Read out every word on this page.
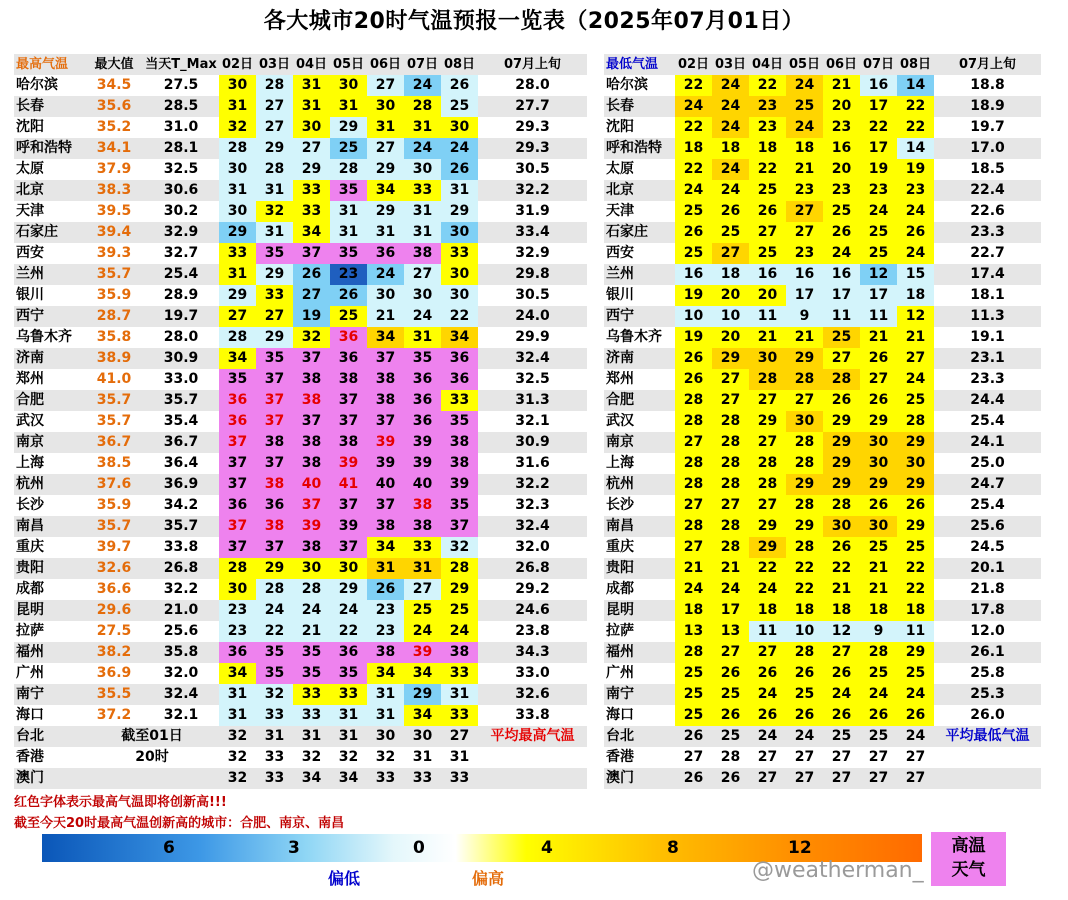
各大城市20时气温预报一览表（2025年07月01日）
最高气温	最大值	当天T_Max	02日	03日	04日	05日	06日	07日	08日	07月上旬
哈尔滨	34.5	27.5	30	28	31	30	27	24	26	28.0
长春	35.6	28.5	31	27	31	31	30	28	25	27.7
沈阳	35.2	31.0	32	27	30	29	31	31	30	29.3
呼和浩特	34.1	28.1	28	29	27	25	27	24	24	29.3
太原	37.9	32.5	30	28	29	28	29	30	26	30.5
北京	38.3	30.6	31	31	33	35	34	33	31	32.2
天津	39.5	30.2	30	32	33	31	29	31	29	31.9
石家庄	39.4	32.9	29	31	34	31	31	31	30	33.4
西安	39.3	32.7	33	35	37	35	36	38	33	32.9
兰州	35.7	25.4	31	29	26	23	24	27	30	29.8
银川	35.9	28.9	29	33	27	26	30	30	30	30.5
西宁	28.7	19.7	27	27	19	25	21	24	22	24.0
乌鲁木齐	35.8	28.0	28	29	32	36	34	31	34	29.9
济南	38.9	30.9	34	35	37	36	37	35	36	32.4
郑州	41.0	33.0	35	37	38	38	38	36	36	32.5
合肥	35.7	35.7	36	37	38	37	38	36	33	31.3
武汉	35.7	35.4	36	37	37	37	37	36	35	32.1
南京	36.7	36.7	37	38	38	38	39	39	38	30.9
上海	38.5	36.4	37	37	38	39	39	39	38	31.6
杭州	37.6	36.9	37	38	40	41	40	40	39	32.2
长沙	35.9	34.2	36	36	37	37	37	38	35	32.3
南昌	35.7	35.7	37	38	39	39	38	38	37	32.4
重庆	39.7	33.8	37	37	38	37	34	33	32	32.0
贵阳	32.6	26.8	28	29	30	30	31	31	28	26.8
成都	36.6	32.2	30	28	28	29	26	27	29	29.2
昆明	29.6	21.0	23	24	24	24	23	25	25	24.6
拉萨	27.5	25.6	23	22	21	22	23	24	24	23.8
福州	38.2	35.8	36	35	35	36	38	39	38	34.3
广州	36.9	32.0	34	35	35	35	34	34	33	33.0
南宁	35.5	32.4	31	32	33	33	31	29	31	32.6
海口	37.2	32.1	31	33	33	31	31	34	33	33.8
台北	截至01日		32	31	31	31	30	30	27	平均最高气温
香港	20时		32	33	32	32	32	31	31	
澳门			32	33	34	34	33	33	33	
最低气温	02日	03日	04日	05日	06日	07日	08日	07月上旬
哈尔滨	22	24	22	24	21	16	14	18.8
长春	24	24	23	25	20	17	22	18.9
沈阳	22	24	23	24	23	22	22	19.7
呼和浩特	18	18	18	18	16	17	14	17.0
太原	22	24	22	21	20	19	19	18.5
北京	24	24	25	23	23	23	23	22.4
天津	25	26	26	27	25	24	24	22.6
石家庄	26	25	27	27	26	25	26	23.3
西安	25	27	25	23	24	25	24	22.7
兰州	16	18	16	16	16	12	15	17.4
银川	19	20	20	17	17	17	18	18.1
西宁	10	10	11	9	11	11	12	11.3
乌鲁木齐	19	20	21	21	25	21	21	19.1
济南	26	29	30	29	27	26	27	23.1
郑州	26	27	28	28	28	27	24	23.3
合肥	28	27	27	27	26	26	25	24.4
武汉	28	28	29	30	29	29	28	25.4
南京	27	28	27	28	29	30	29	24.1
上海	28	28	28	28	29	30	30	25.0
杭州	28	28	28	29	29	29	29	24.7
长沙	27	27	27	28	28	26	26	25.4
南昌	28	28	29	29	30	30	29	25.6
重庆	27	28	29	28	26	25	25	24.5
贵阳	21	21	22	22	22	21	22	20.1
成都	24	24	24	22	21	21	22	21.8
昆明	18	17	18	18	18	18	18	17.8
拉萨	13	13	11	10	12	9	11	12.0
福州	28	27	27	28	27	28	29	26.1
广州	25	26	26	26	26	25	25	25.8
南宁	25	25	24	25	24	24	24	25.3
海口	25	26	26	26	26	26	26	26.0
台北	26	25	24	24	25	25	24	平均最低气温
香港	27	28	27	27	27	27	27	
澳门	26	26	27	27	27	27	27	
红色字体表示最高气温即将创新高!!!
截至今天20时最高气温创新高的城市：合肥、南京、南昌
6	3	0	4	8	12
偏低	偏高
高温
天气
@weatherman_
